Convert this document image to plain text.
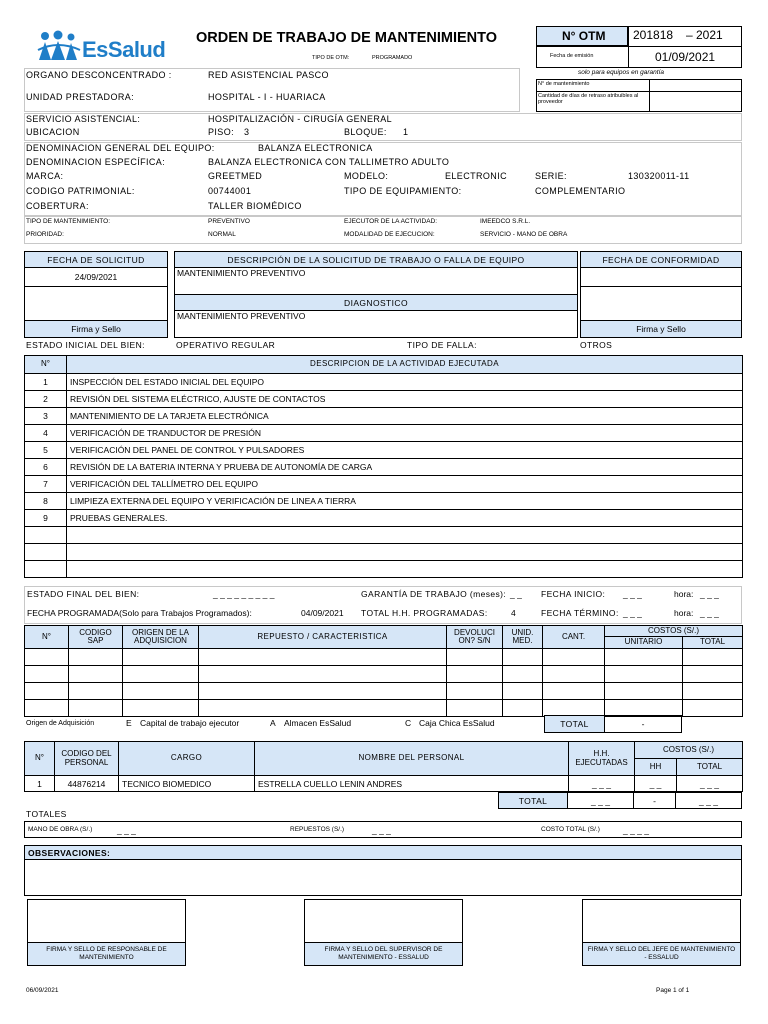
EsSalud ORDEN DE TRABAJO DE MANTENIMIENTO
TIPO DE OTM:	PROGRAMADO
N° OTM 201818 – 2021
Fecha de emisión	01/09/2021
solo para equipos en garantía
N° de mantenimiento
Cantidad de días de retraso atribuibles al proveedor
ORGANO DESCONCENTRADO :	RED ASISTENCIAL PASCO
UNIDAD PRESTADORA:	HOSPITAL - I - HUARIACA
SERVICIO ASISTENCIAL:	HOSPITALIZACIÓN - CIRUGÍA GENERAL
UBICACION	PISO: 3	BLOQUE: 1
DENOMINACION GENERAL DEL EQUIPO:	BALANZA ELECTRONICA
DENOMINACION ESPECÍFICA:	BALANZA ELECTRONICA CON TALLIMETRO ADULTO
MARCA:	GREETMED	MODELO:	ELECTRONIC	SERIE:	130320011-11
CODIGO PATRIMONIAL:	00744001	TIPO DE EQUIPAMIENTO:	COMPLEMENTARIO
COBERTURA:	TALLER BIOMÉDICO
TIPO DE MANTENIMIENTO:	PREVENTIVO	EJECUTOR DE LA ACTIVIDAD:	IMEEDCO S.R.L.
PRIORIDAD:	NORMAL	MODALIDAD DE EJECUCION:	SERVICIO - MANO DE OBRA
FECHA DE SOLICITUD
24/09/2021
Firma y Sello
DESCRIPCIÓN DE LA SOLICITUD DE TRABAJO O FALLA DE EQUIPO
MANTENIMIENTO PREVENTIVO
DIAGNOSTICO
MANTENIMIENTO PREVENTIVO
FECHA DE CONFORMIDAD
Firma y Sello
ESTADO INICIAL DEL BIEN:	OPERATIVO REGULAR	TIPO DE FALLA:	OTROS
N°	DESCRIPCION DE LA ACTIVIDAD EJECUTADA
1	INSPECCIÓN DEL ESTADO INICIAL DEL EQUIPO
2	REVISIÓN DEL SISTEMA ELÉCTRICO, AJUSTE DE CONTACTOS
3	MANTENIMIENTO DE LA TARJETA ELECTRÓNICA
4	VERIFICACIÓN DE TRANDUCTOR DE PRESIÓN
5	VERIFICACIÓN DEL PANEL DE CONTROL Y PULSADORES
6	REVISIÓN DE LA BATERIA INTERNA Y PRUEBA DE AUTONOMÍA DE CARGA
7	VERIFICACIÓN DEL TALLÍMETRO DEL EQUIPO
8	LIMPIEZA EXTERNA DEL EQUIPO Y VERIFICACIÓN DE LINEA A TIERRA
9	PRUEBAS GENERALES.

ESTADO FINAL DEL BIEN:	_ _ _ _ _ _ _ _ _	GARANTÍA DE TRABAJO (meses): _ _ FECHA INICIO: _ _ _	hora: _ _ _
FECHA PROGRAMADA(Solo para Trabajos Programados):	04/09/2021 TOTAL H.H. PROGRAMADAS:	4	FECHA TÉRMINO: _ _ _	hora: _ _ _
N°	CODIGO SAP	ORIGEN DE LA ADQUISICION	REPUESTO / CARACTERISTICA	DEVOLUCI ON? S/N	UNID. MED.	CANT.	COSTOS (S/.)	
							UNITARIO	TOTAL

Origen de Adquisición	E Capital de trabajo ejecutor	A Almacen EsSalud	C Caja Chica EsSalud	TOTAL	-
N°	CODIGO DEL PERSONAL	CARGO	NOMBRE DEL PERSONAL	H.H. EJECUTADAS	COSTOS (S/.)	
					HH	TOTAL
1	44876214	TECNICO BIOMEDICO	ESTRELLA CUELLO LENIN ANDRES	_ _ _	_ _	_ _ _
TOTAL	_ _ _	-	_ _ _
TOTALES
MANO DE OBRA (S/.)	_ _ _	REPUESTOS (S/.)	_ _ _	COSTO TOTAL (S/.)	_ _ _ _
OBSERVACIONES:
FIRMA Y SELLO DE RESPONSABLE DE MANTENIMIENTO
FIRMA Y SELLO DEL SUPERVISOR DE MANTENIMIENTO - ESSALUD
FIRMA Y SELLO DEL JEFE DE MANTENIMIENTO - ESSALUD
06/09/2021	Page 1 of 1
